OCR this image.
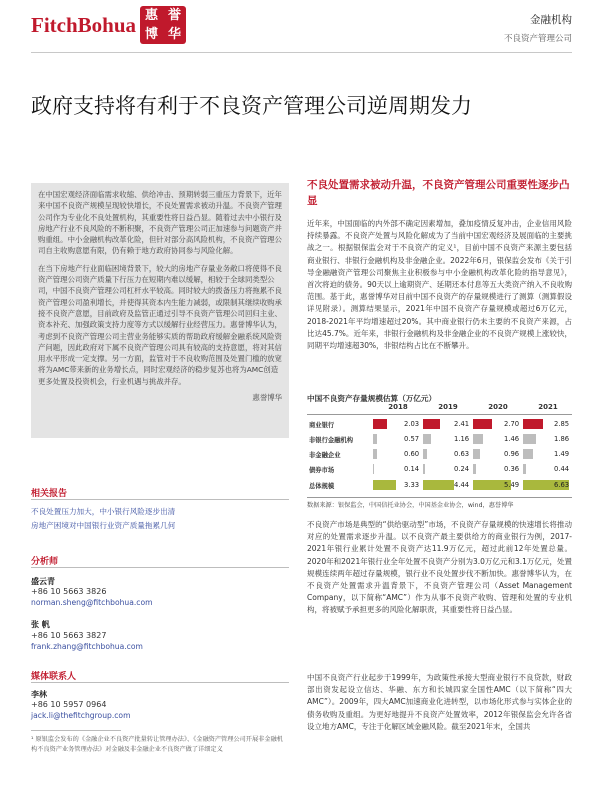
FitchBohua 惠 誉
博 华
金融机构
不良资产管理公司
政府支持将有利于不良资产管理公司逆周期发力

在中国宏观经济面临需求收缩、供给冲击、预期转弱三重压力背景下，近年来中国不良资产规模呈现较快增长，不良处置需求被动升温。不良资产管理公司作为专业化不良处置机构，其重要性将日益凸显。随着过去中小银行及房地产行业不良风险的不断积聚，不良资产管理公司正加速参与问题资产并购重组。中小金融机构改革化险，但针对部分高风险机构，不良资产管理公司自主收购意愿有限，仍有赖于地方政府协同参与风险化解。

在当下房地产行业面临困境背景下，较大的房地产存量业务敞口将使得不良资产管理公司资产质量下行压力在短期内难以缓解，相较于全球同类型公司，中国不良资产管理公司杠杆水平较高。同时较大的拨备压力将拖累不良资产管理公司盈利增长，并使得其资本内生能力减弱，或限制其继续收购承接不良资产意愿，目前政府及监管正通过引导不良资产管理公司回归主业、资本补充、加强政策支持力度等方式以缓解行业经营压力。惠誉博华认为，考虑到不良资产管理公司主营业务能够实质的帮助政府缓解金融系统风险资产问题，因此政府对下属不良资产管理公司具有较高的支持意愿，将对其信用水平形成一定支撑。另一方面，监管对于不良收购范围及处置门槛的放宽将为AMC带来新的业务增长点，同时宏观经济的稳步复苏也将为AMC创造更多处置及投资机会，行业机遇与挑战并存。

惠誉博华
相关报告
不良处置压力加大，中小银行风险逐步出清
房地产困境对中国银行业资产质量拖累几何
分析师
盛云青
+86 10 5663 3826
norman.sheng@fitchbohua.com
张 帆
+86 10 5663 3827
frank.zhang@fitchbohua.com
媒体联系人
李林
+86 10 5957 0964
jack.li@thefitchgroup.com
¹ 原银监会发布的《金融企业不良资产批量转让管理办法》、《金融资产管理公司开展非金融机构不良资产业务管理办法》对金融及非金融企业不良资产做了详细定义
不良处置需求被动升温，不良资产管理公司重要性逐步凸显
近年来，中国面临的内外部不确定因素增加，叠加疫情反复冲击，企业信用风险持续暴露。不良资产处置与风险化解成为了当前中国宏观经济及展面临的主要挑战之一。根据银保监会对于不良资产的定义¹，目前中国不良资产来源主要包括商业银行、非银行金融机构及非金融企业。2022年6月，银保监会发布《关于引导金融融资产管理公司聚焦主业积极参与中小金融机构改革化险的指导意见》，首次将迫的债务。90天以上逾期资产、延期还本付息等五大类资产纳入不良收购范围。基于此，惠誉博华对目前中国不良资产的存量规模进行了测算（测算假设详见附录）。测算结果显示，2021年中国不良资产存量规模或超过6万亿元，2018-2021年平均增速超过20%。其中商业银行仍未主要的不良资产来源，占比达45.7%。近年来，非银行金融机构及非金融企业的不良资产规模上涨较快，同期平均增速超30%，非银结构占比在不断攀升。
中国不良资产存量规模估算（万亿元）
2018	2019	2020	2021
商业银行	2.03	2.41	2.70	2.85
非银行金融机构	0.57	1.16	1.46	1.86
非金融企业	0.60	0.63	0.96	1.49
债券市场	0.14	0.24	0.36	0.44
总体规模	3.33	4.44	5.49	6.63
数据来源：银保监会，中国信托业协会，中国基金业协会，wind，惠誉博华
不良资产市场是典型的“供给驱动型”市场，不良资产存量规模的快速增长将推动对应的处置需求逐步升温。以不良资产最主要供给方的商业银行为例，2017-2021年银行业累计处置不良资产达11.9万亿元，超过此前12年处置总量。2020年和2021年银行业全年处置不良资产分别为3.0万亿元和3.1万亿元，处置规模连续两年超过存量规模，银行业不良处置步伐不断加快。惠誉博华认为，在不良资产处置需求升温背景下，不良资产管理公司（Asset Management Company，以下简称“AMC”）作为从事不良资产收购、管理和处置的专业机构，将被赋予承担更多的风险化解职责，其重要性将日益凸显。
中国不良资产行业起步于1999年，为政策性承接大型商业银行不良贷款，财政部出资发起设立信达、华融、东方和长城四家全国性AMC（以下简称“四大AMC”）。2009年，四大AMC加速商业化进转型，以市场化形式参与实体企业的债务收购及重组。为更好地提升不良资产处置效率，2012年银保监会允许各省设立地方AMC，专注于化解区域金融风险。截至2021年末，全国共
